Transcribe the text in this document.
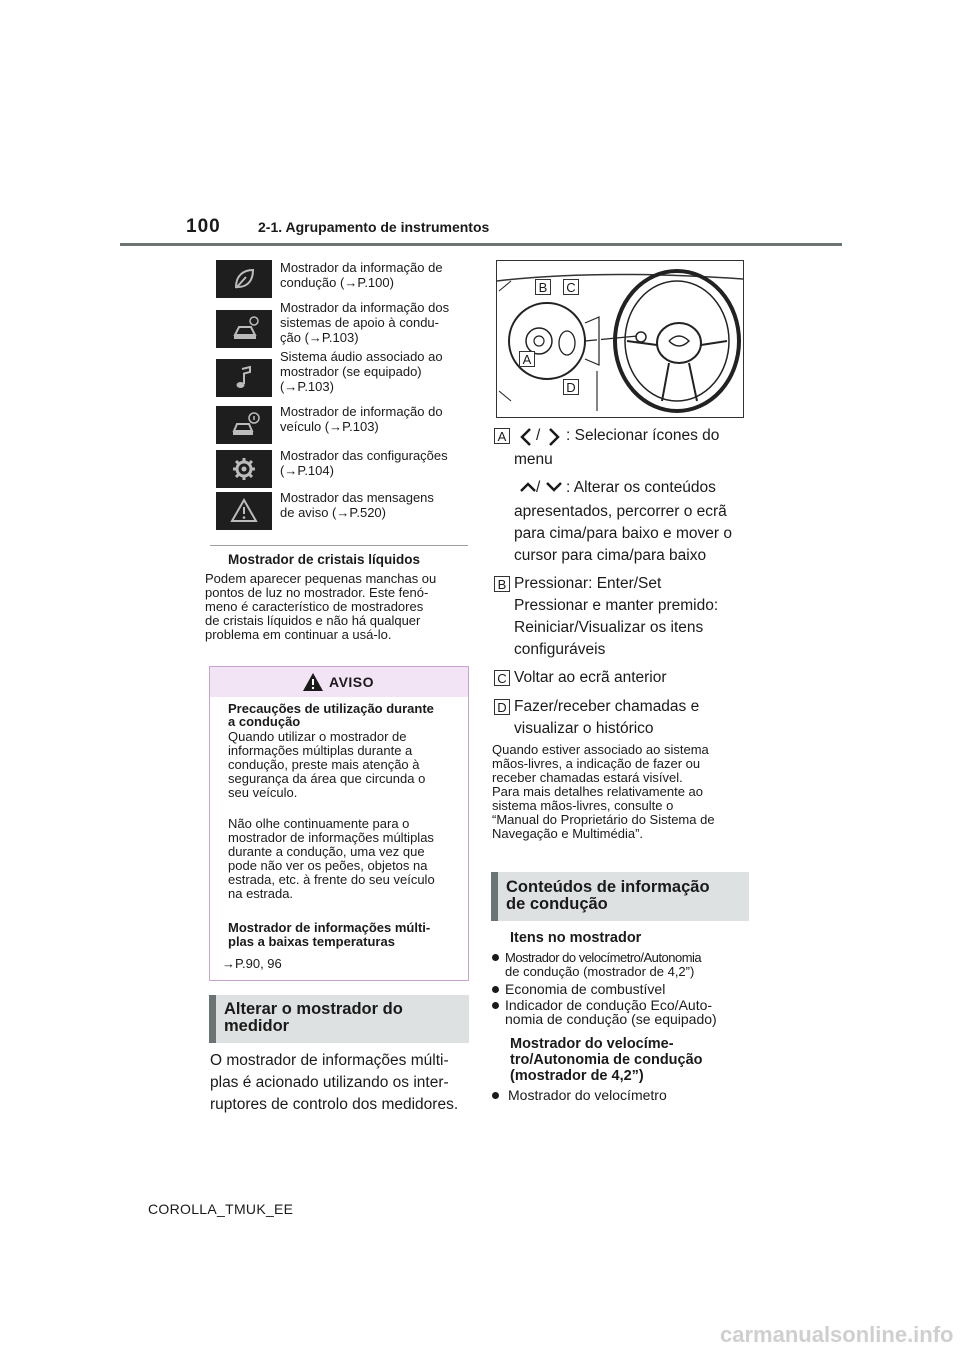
100	2-1. Agrupamento de instrumentos
Mostrador da informação de
condução (→P.100)
Mostrador da informação dos
sistemas de apoio à condu-
ção (→P.103)
Sistema áudio associado ao
mostrador (se equipado)
(→P.103)
Mostrador de informação do
veículo (→P.103)
Mostrador das configurações
(→P.104)
Mostrador das mensagens
de aviso (→P.520)
Mostrador de cristais líquidos
Podem aparecer pequenas manchas ou
pontos de luz no mostrador. Este fenó-
meno é característico de mostradores
de cristais líquidos e não há qualquer
problema em continuar a usá-lo.
AVISO
Precauções de utilização durante
a condução
Quando utilizar o mostrador de
informações múltiplas durante a
condução, preste mais atenção à
segurança da área que circunda o
seu veículo.
Não olhe continuamente para o
mostrador de informações múltiplas
durante a condução, uma vez que
pode não ver os peões, objetos na
estrada, etc. à frente do seu veículo
na estrada.
Mostrador de informações múlti-
plas a baixas temperaturas
→P.90, 96
Alterar o mostrador do
medidor
O mostrador de informações múlti-
plas é acionado utilizando os inter-
ruptores de controlo dos medidores.
B C
A
D
A / : Selecionar ícones do
menu
/ : Alterar os conteúdos
apresentados, percorrer o ecrã
para cima/para baixo e mover o
cursor para cima/para baixo
B Pressionar: Enter/Set
Pressionar e manter premido:
Reiniciar/Visualizar os itens
configuráveis
C Voltar ao ecrã anterior
D Fazer/receber chamadas e
visualizar o histórico
Quando estiver associado ao sistema
mãos-livres, a indicação de fazer ou
receber chamadas estará visível.
Para mais detalhes relativamente ao
sistema mãos-livres, consulte o
“Manual do Proprietário do Sistema de
Navegação e Multimédia”.
Conteúdos de informação
de condução
Itens no mostrador
Mostrador do velocímetro/Autonomia
de condução (mostrador de 4,2”)
Economia de combustível
Indicador de condução Eco/Auto-
nomia de condução (se equipado)
Mostrador do velocíme-
tro/Autonomia de condução
(mostrador de 4,2”)
Mostrador do velocímetro
COROLLA_TMUK_EE
carmanualsonline.info
